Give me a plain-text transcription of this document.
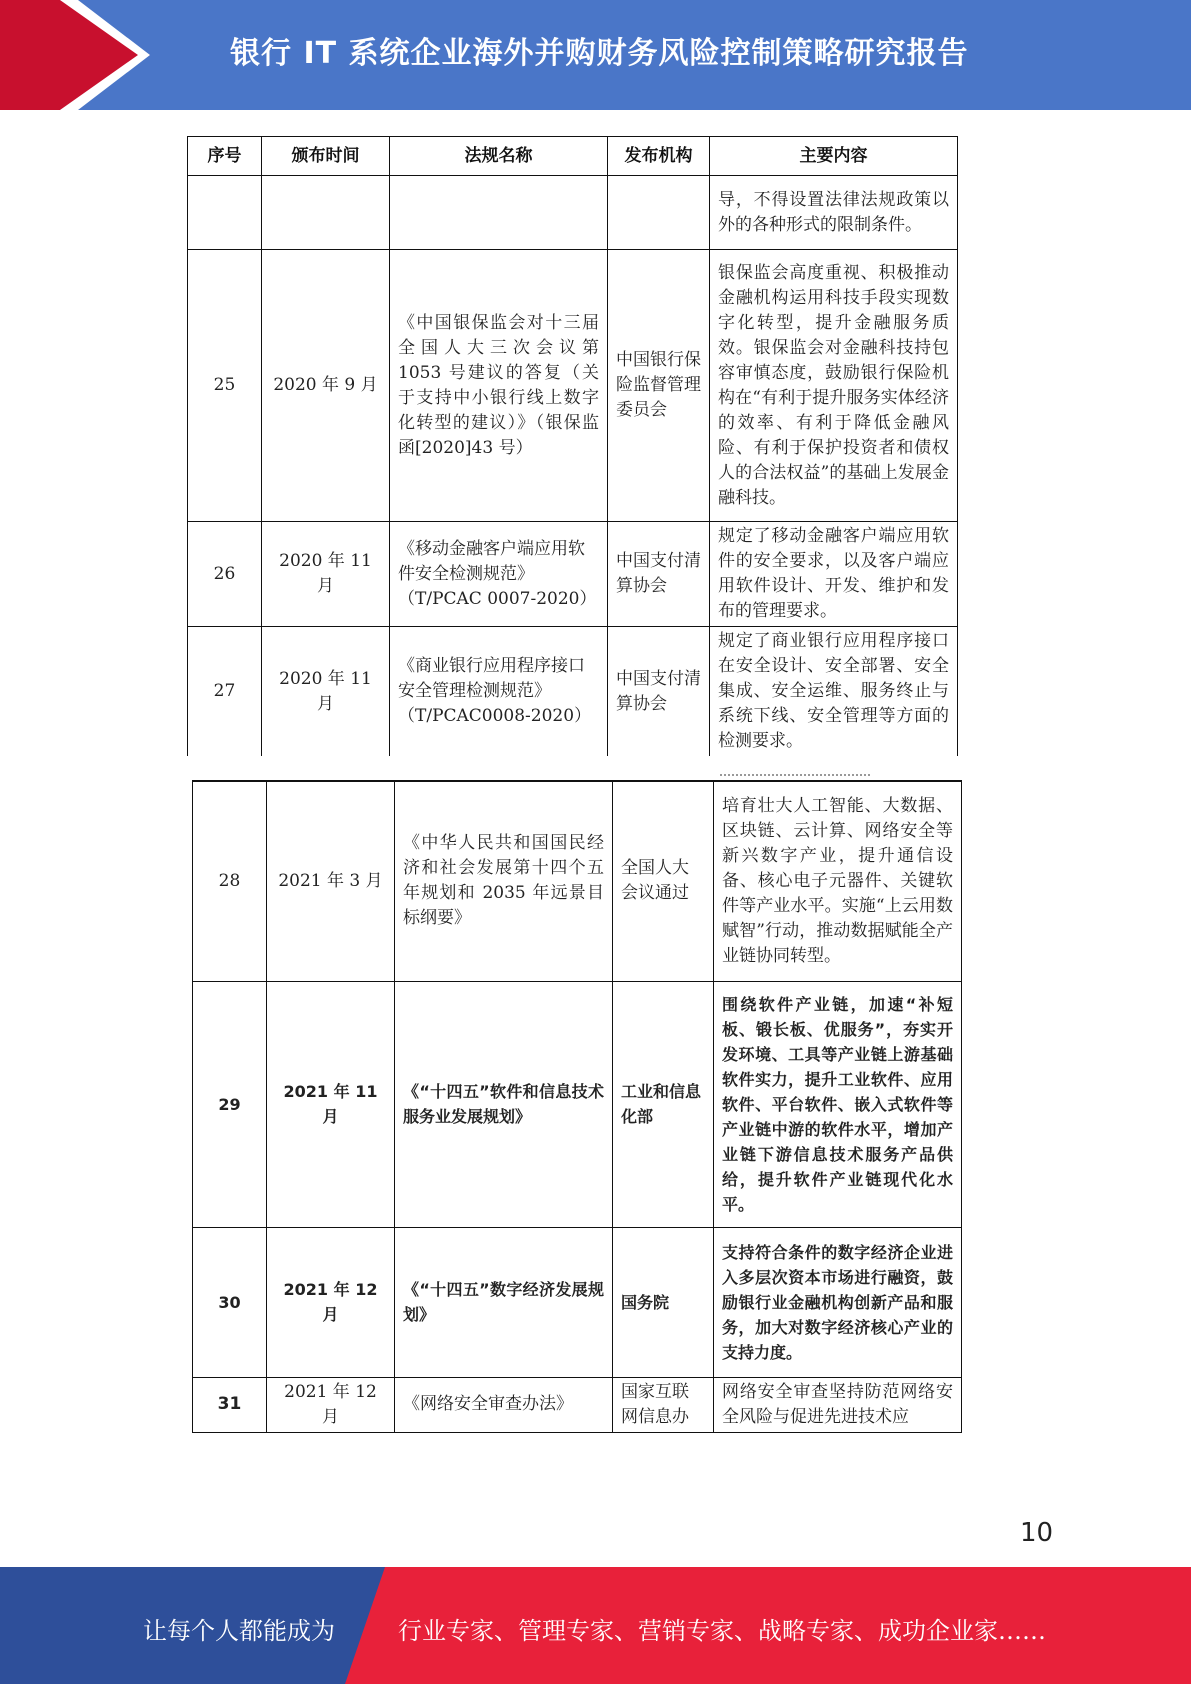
银行 IT 系统企业海外并购财务风险控制策略研究报告
序号	颁布时间	法规名称	发布机构	主要内容
				导，不得设置法律法规政策以外的各种形式的限制条件。
25	2020 年 9 月	《中国银保监会对十三届全国人大三次会议第 1053 号建议的答复（关于支持中小银行线上数字化转型的建议）》（银保监函[2020]43 号）	中国银行保险监督管理委员会	银保监会高度重视、积极推动金融机构运用科技手段实现数字化转型，提升金融服务质效。银保监会对金融科技持包容审慎态度，鼓励银行保险机构在“有利于提升服务实体经济的效率、有利于降低金融风险、有利于保护投资者和债权人的合法权益”的基础上发展金融科技。
26	2020 年 11 月	《移动金融客户端应用软件安全检测规范》（T/PCAC 0007-2020）	中国支付清算协会	规定了移动金融客户端应用软件的安全要求，以及客户端应用软件设计、开发、维护和发布的管理要求。
27	2020 年 11 月	《商业银行应用程序接口安全管理检测规范》（T/PCAC0008-2020）	中国支付清算协会	规定了商业银行应用程序接口在安全设计、安全部署、安全集成、安全运维、服务终止与系统下线、安全管理等方面的检测要求。
28	2021 年 3 月	《中华人民共和国国民经济和社会发展第十四个五年规划和 2035 年远景目标纲要》	全国人大会议通过	培育壮大人工智能、大数据、区块链、云计算、网络安全等新兴数字产业，提升通信设备、核心电子元器件、关键软件等产业水平。实施“上云用数赋智”行动，推动数据赋能全产业链协同转型。
29	2021 年 11 月	《“十四五”软件和信息技术服务业发展规划》	工业和信息化部	围绕软件产业链，加速“补短板、锻长板、优服务”，夯实开发环境、工具等产业链上游基础软件实力，提升工业软件、应用软件、平台软件、嵌入式软件等产业链中游的软件水平，增加产业链下游信息技术服务产品供给，提升软件产业链现代化水平。
30	2021 年 12 月	《“十四五”数字经济发展规划》	国务院	支持符合条件的数字经济企业进入多层次资本市场进行融资，鼓励银行业金融机构创新产品和服务，加大对数字经济核心产业的支持力度。
31	2021 年 12 月	《网络安全审查办法》	国家互联网信息办	网络安全审查坚持防范网络安全风险与促进先进技术应
10
让每个人都能成为	行业专家、管理专家、营销专家、战略专家、成功企业家……
